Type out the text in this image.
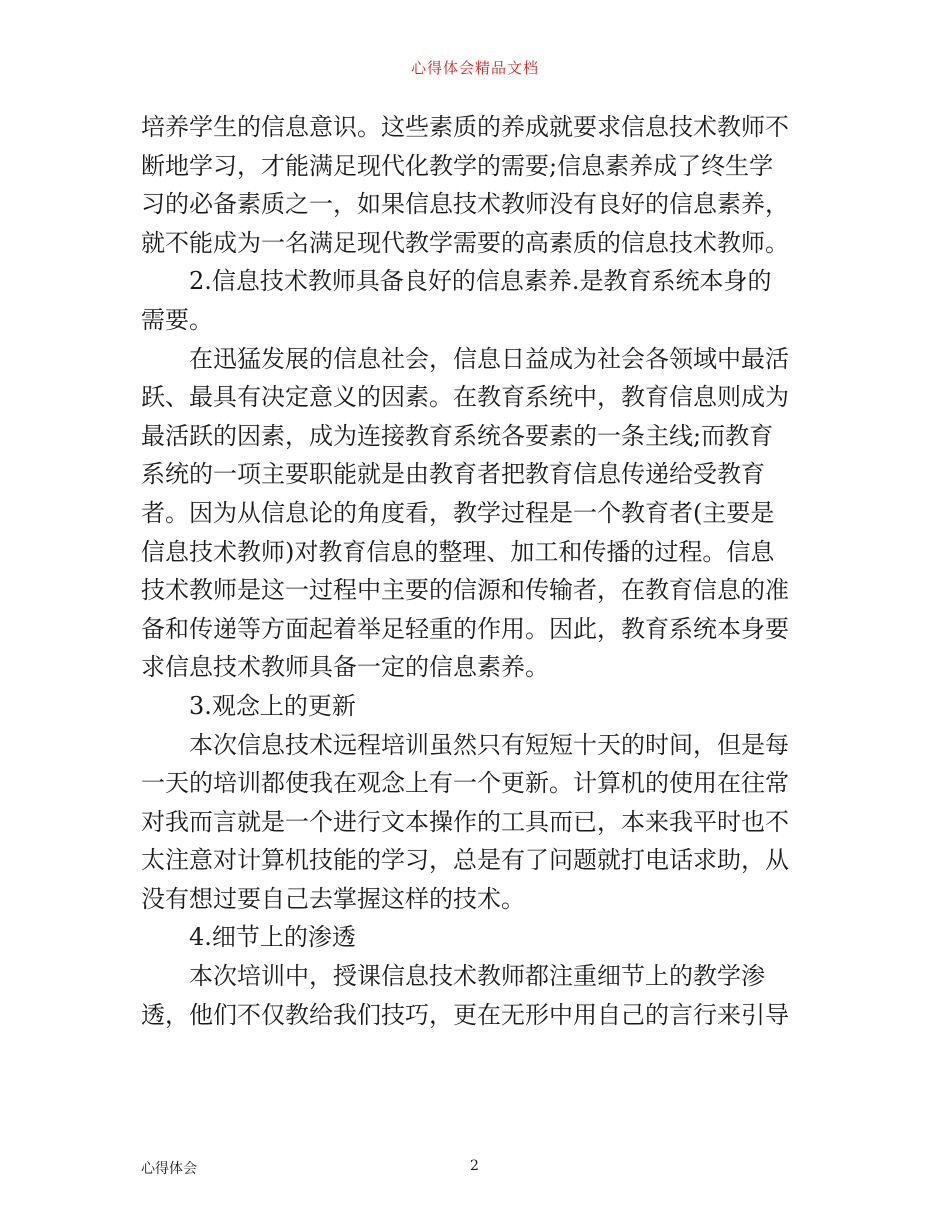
心得体会精品文档
培养学生的信息意识。这些素质的养成就要求信息技术教师不
断地学习，才能满足现代化教学的需要;信息素养成了终生学
习的必备素质之一，如果信息技术教师没有良好的信息素养，
就不能成为一名满足现代教学需要的高素质的信息技术教师。
2.信息技术教师具备良好的信息素养.是教育系统本身的
需要。
在迅猛发展的信息社会，信息日益成为社会各领域中最活
跃、最具有决定意义的因素。在教育系统中，教育信息则成为
最活跃的因素，成为连接教育系统各要素的一条主线;而教育
系统的一项主要职能就是由教育者把教育信息传递给受教育
者。因为从信息论的角度看，教学过程是一个教育者(主要是
信息技术教师)对教育信息的整理、加工和传播的过程。信息
技术教师是这一过程中主要的信源和传输者，在教育信息的准
备和传递等方面起着举足轻重的作用。因此，教育系统本身要
求信息技术教师具备一定的信息素养。
3.观念上的更新
本次信息技术远程培训虽然只有短短十天的时间，但是每
一天的培训都使我在观念上有一个更新。计算机的使用在往常
对我而言就是一个进行文本操作的工具而已，本来我平时也不
太注意对计算机技能的学习，总是有了问题就打电话求助，从
没有想过要自己去掌握这样的技术。
4.细节上的渗透
本次培训中，授课信息技术教师都注重细节上的教学渗
透，他们不仅教给我们技巧，更在无形中用自己的言行来引导
心得体会	2
